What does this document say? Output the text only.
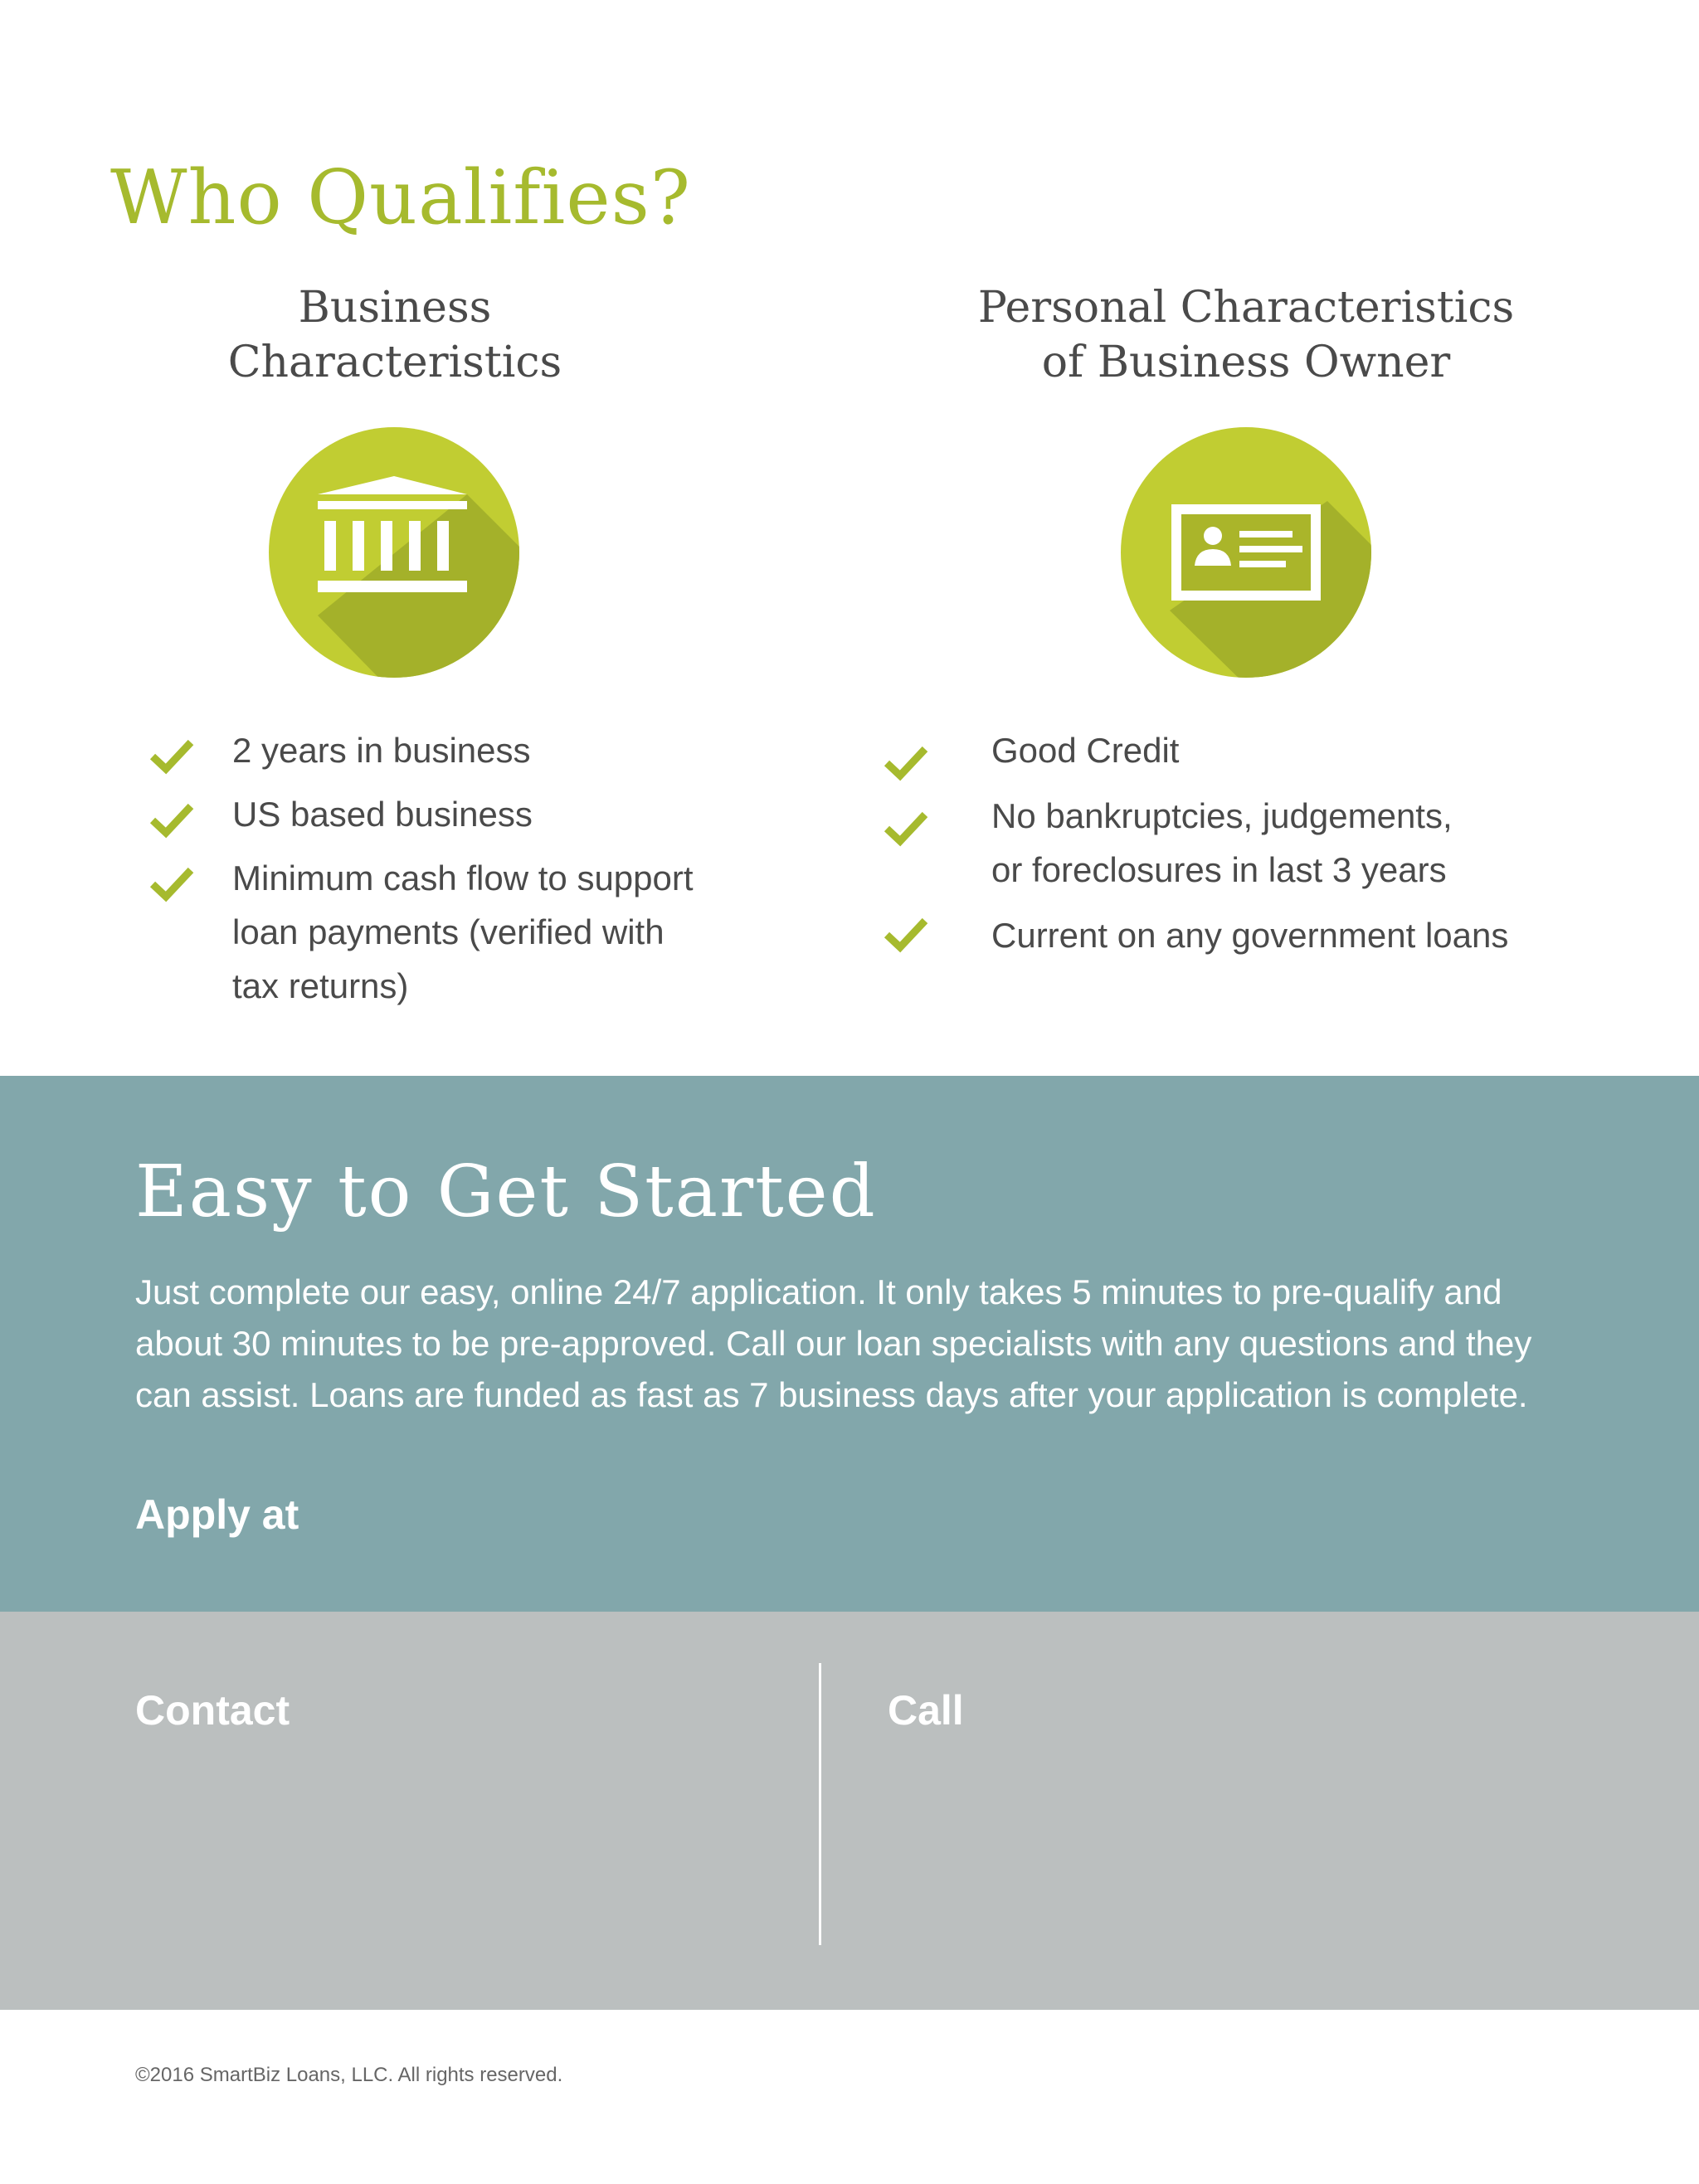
Who Qualifies?
Business
Characteristics
Personal Characteristics
of Business Owner
2 years in business
US based business
Minimum cash flow to support
loan payments (verified with
tax returns)
Good Credit
No bankruptcies, judgements,
or foreclosures in last 3 years
Current on any government loans
Easy to Get Started

Just complete our easy, online 24/7 application. It only takes 5 minutes to pre-qualify and
about 30 minutes to be pre-approved. Call our loan specialists with any questions and they
can assist. Loans are funded as fast as 7 business days after your application is complete.

Apply at

Contact	Call

©2016 SmartBiz Loans, LLC. All rights reserved.
